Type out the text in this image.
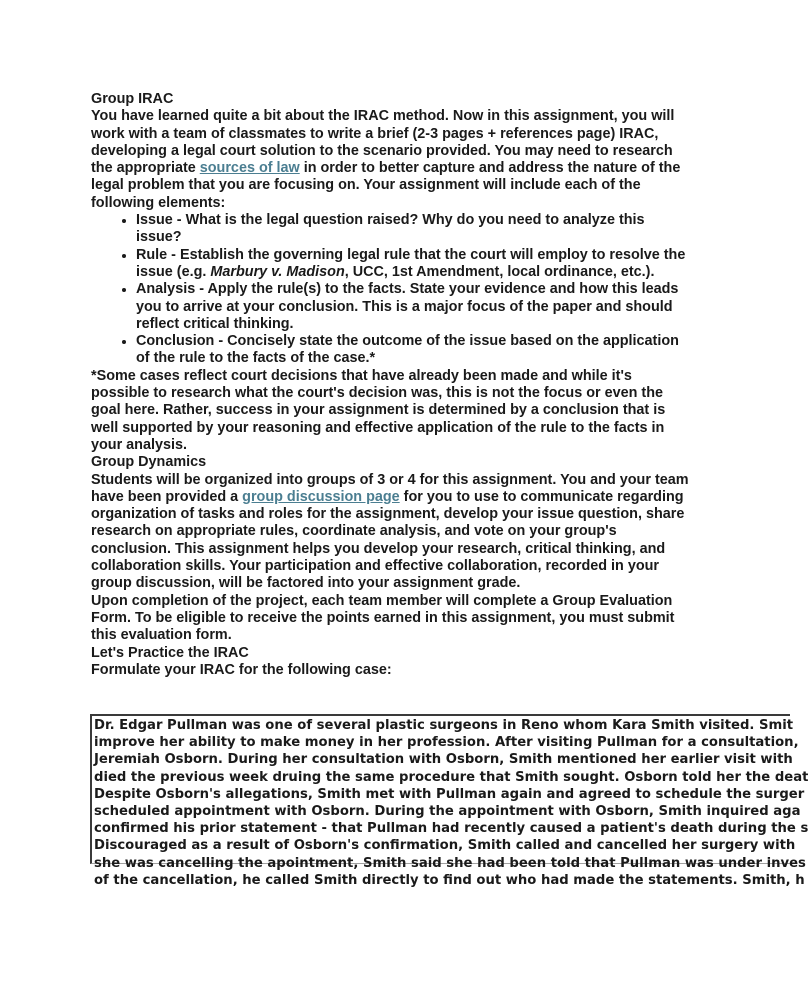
Group IRAC

You have learned quite a bit about the IRAC method. Now in this assignment, you will work with a team of classmates to write a brief (2-3 pages + references page) IRAC, developing a legal court solution to the scenario provided. You may need to research the appropriate sources of law in order to better capture and address the nature of the legal problem that you are focusing on. Your assignment will include each of the following elements:

• Issue - What is the legal question raised? Why do you need to analyze this issue?
• Rule - Establish the governing legal rule that the court will employ to resolve the issue (e.g. Marbury v. Madison, UCC, 1st Amendment, local ordinance, etc.).
• Analysis - Apply the rule(s) to the facts. State your evidence and how this leads you to arrive at your conclusion. This is a major focus of the paper and should reflect critical thinking.
• Conclusion - Concisely state the outcome of the issue based on the application of the rule to the facts of the case.*

*Some cases reflect court decisions that have already been made and while it's possible to research what the court's decision was, this is not the focus or even the goal here. Rather, success in your assignment is determined by a conclusion that is well supported by your reasoning and effective application of the rule to the facts in your analysis.

Group Dynamics

Students will be organized into groups of 3 or 4 for this assignment. You and your team have been provided a group discussion page for you to use to communicate regarding organization of tasks and roles for the assignment, develop your issue question, share research on appropriate rules, coordinate analysis, and vote on your group's conclusion. This assignment helps you develop your research, critical thinking, and collaboration skills. Your participation and effective collaboration, recorded in your group discussion, will be factored into your assignment grade.

Upon completion of the project, each team member will complete a Group Evaluation Form. To be eligible to receive the points earned in this assignment, you must submit this evaluation form.

Let's Practice the IRAC

Formulate your IRAC for the following case:

Dr. Edgar Pullman was one of several plastic surgeons in Reno whom Kara Smith visited. Smit
improve her ability to make money in her profession. After visiting Pullman for a consultation,
Jeremiah Osborn. During her consultation with Osborn, Smith mentioned her earlier visit with
died the previous week druing the same procedure that Smith sought. Osborn told her the deat
Despite Osborn's allegations, Smith met with Pullman again and agreed to schedule the surger
scheduled appointment with Osborn. During the appointment with Osborn, Smith inquired aga
confirmed his prior statement - that Pullman had recently caused a patient's death during the s
Discouraged as a result of Osborn's confirmation, Smith called and cancelled her surgery with
she was cancelling the apointment, Smith said she had been told that Pullman was under inves
of the cancellation, he called Smith directly to find out who had made the statements. Smith, h
